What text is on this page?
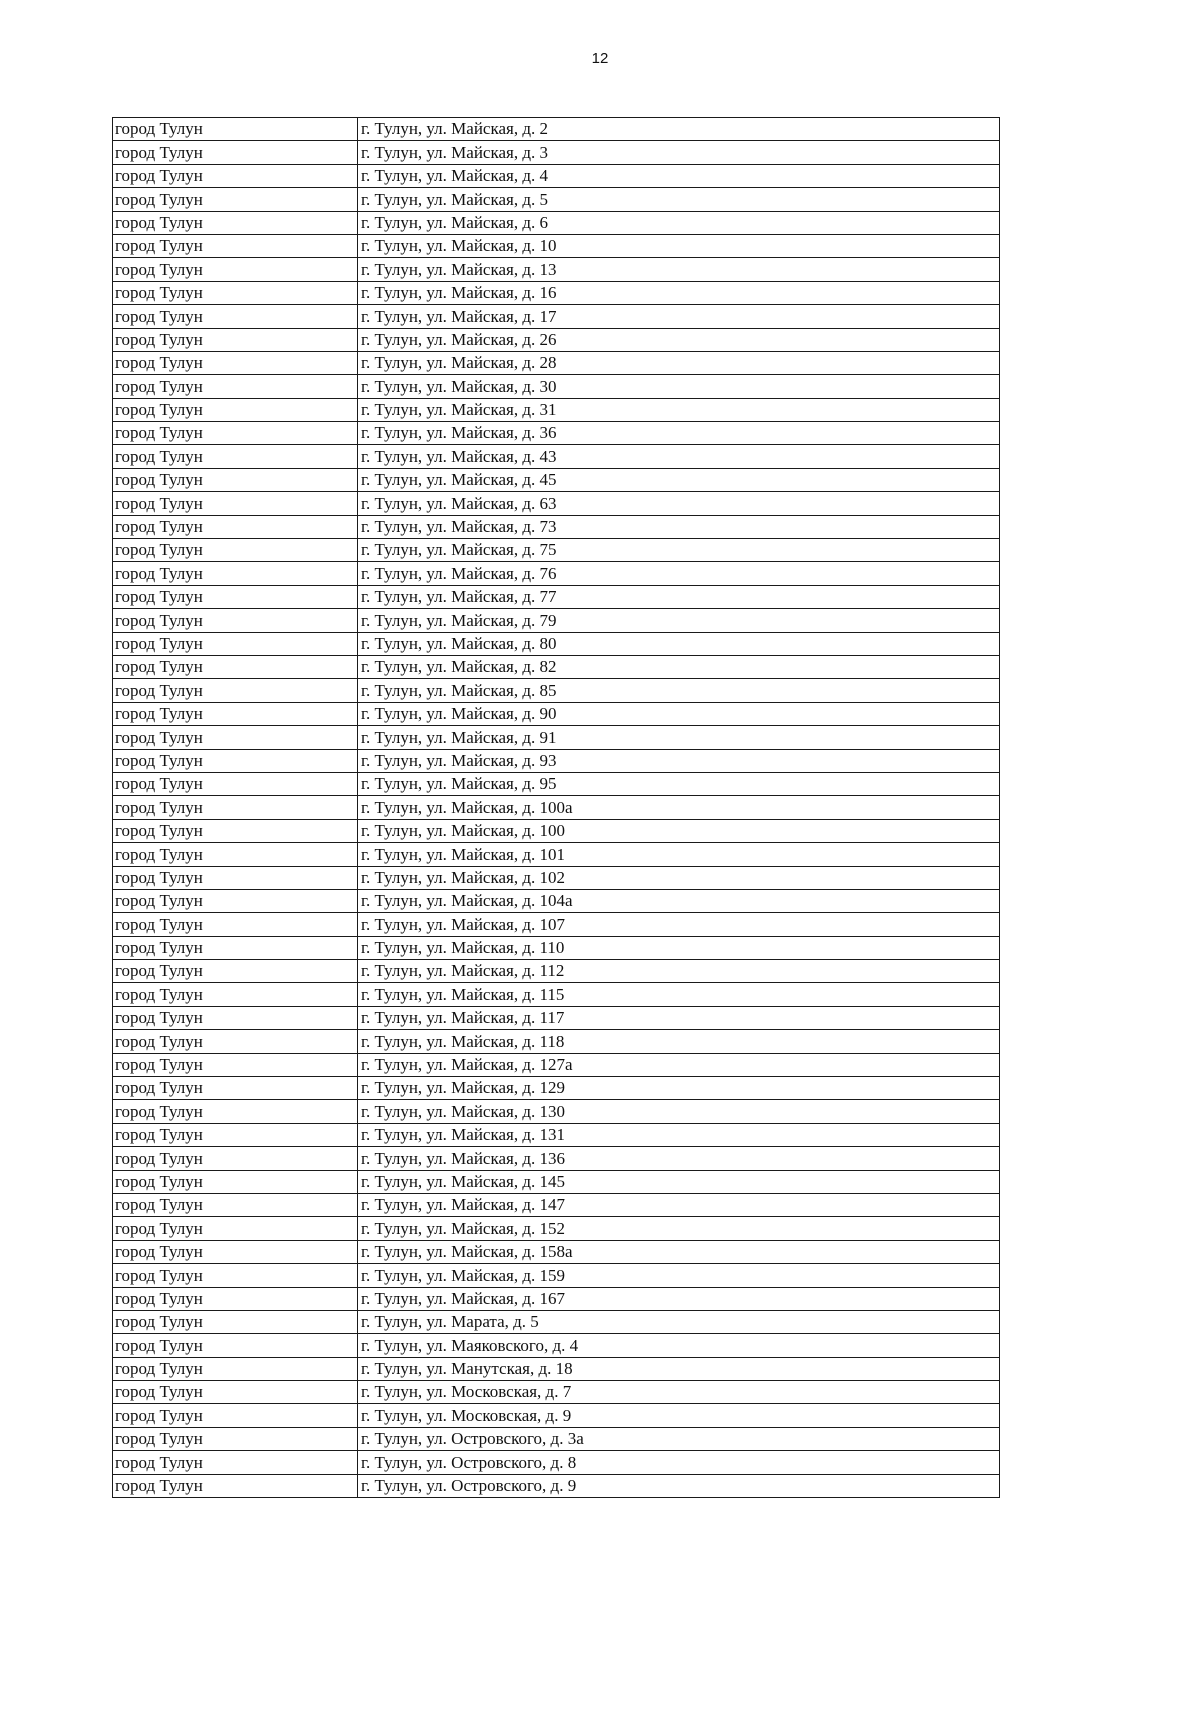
12
город Тулун	г. Тулун, ул. Майская, д. 2
город Тулун	г. Тулун, ул. Майская, д. 3
город Тулун	г. Тулун, ул. Майская, д. 4
город Тулун	г. Тулун, ул. Майская, д. 5
город Тулун	г. Тулун, ул. Майская, д. 6
город Тулун	г. Тулун, ул. Майская, д. 10
город Тулун	г. Тулун, ул. Майская, д. 13
город Тулун	г. Тулун, ул. Майская, д. 16
город Тулун	г. Тулун, ул. Майская, д. 17
город Тулун	г. Тулун, ул. Майская, д. 26
город Тулун	г. Тулун, ул. Майская, д. 28
город Тулун	г. Тулун, ул. Майская, д. 30
город Тулун	г. Тулун, ул. Майская, д. 31
город Тулун	г. Тулун, ул. Майская, д. 36
город Тулун	г. Тулун, ул. Майская, д. 43
город Тулун	г. Тулун, ул. Майская, д. 45
город Тулун	г. Тулун, ул. Майская, д. 63
город Тулун	г. Тулун, ул. Майская, д. 73
город Тулун	г. Тулун, ул. Майская, д. 75
город Тулун	г. Тулун, ул. Майская, д. 76
город Тулун	г. Тулун, ул. Майская, д. 77
город Тулун	г. Тулун, ул. Майская, д. 79
город Тулун	г. Тулун, ул. Майская, д. 80
город Тулун	г. Тулун, ул. Майская, д. 82
город Тулун	г. Тулун, ул. Майская, д. 85
город Тулун	г. Тулун, ул. Майская, д. 90
город Тулун	г. Тулун, ул. Майская, д. 91
город Тулун	г. Тулун, ул. Майская, д. 93
город Тулун	г. Тулун, ул. Майская, д. 95
город Тулун	г. Тулун, ул. Майская, д. 100а
город Тулун	г. Тулун, ул. Майская, д. 100
город Тулун	г. Тулун, ул. Майская, д. 101
город Тулун	г. Тулун, ул. Майская, д. 102
город Тулун	г. Тулун, ул. Майская, д. 104а
город Тулун	г. Тулун, ул. Майская, д. 107
город Тулун	г. Тулун, ул. Майская, д. 110
город Тулун	г. Тулун, ул. Майская, д. 112
город Тулун	г. Тулун, ул. Майская, д. 115
город Тулун	г. Тулун, ул. Майская, д. 117
город Тулун	г. Тулун, ул. Майская, д. 118
город Тулун	г. Тулун, ул. Майская, д. 127а
город Тулун	г. Тулун, ул. Майская, д. 129
город Тулун	г. Тулун, ул. Майская, д. 130
город Тулун	г. Тулун, ул. Майская, д. 131
город Тулун	г. Тулун, ул. Майская, д. 136
город Тулун	г. Тулун, ул. Майская, д. 145
город Тулун	г. Тулун, ул. Майская, д. 147
город Тулун	г. Тулун, ул. Майская, д. 152
город Тулун	г. Тулун, ул. Майская, д. 158а
город Тулун	г. Тулун, ул. Майская, д. 159
город Тулун	г. Тулун, ул. Майская, д. 167
город Тулун	г. Тулун, ул. Марата, д. 5
город Тулун	г. Тулун, ул. Маяковского, д. 4
город Тулун	г. Тулун, ул. Манутская, д. 18
город Тулун	г. Тулун, ул. Московская, д. 7
город Тулун	г. Тулун, ул. Московская, д. 9
город Тулун	г. Тулун, ул. Островского, д. 3а
город Тулун	г. Тулун, ул. Островского, д. 8
город Тулун	г. Тулун, ул. Островского, д. 9
